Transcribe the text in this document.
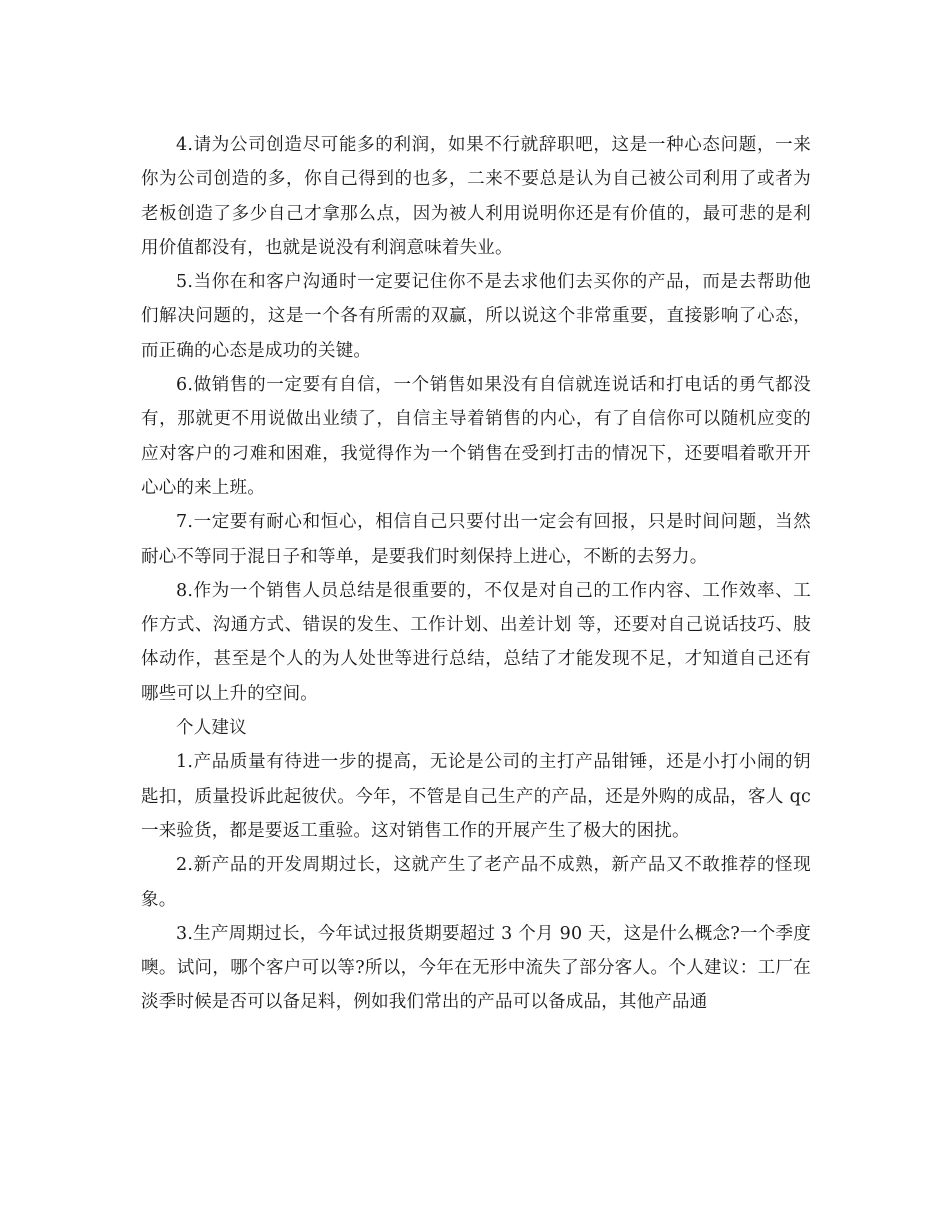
4.请为公司创造尽可能多的利润，如果不行就辞职吧，这是一种心态问题，一来你为公司创造的多，你自己得到的也多，二来不要总是认为自己被公司利用了或者为老板创造了多少自己才拿那么点，因为被人利用说明你还是有价值的，最可悲的是利用价值都没有，也就是说没有利润意味着失业。

5.当你在和客户沟通时一定要记住你不是去求他们去买你的产品，而是去帮助他们解决问题的，这是一个各有所需的双赢，所以说这个非常重要，直接影响了心态，而正确的心态是成功的关键。

6.做销售的一定要有自信，一个销售如果没有自信就连说话和打电话的勇气都没有，那就更不用说做出业绩了，自信主导着销售的内心，有了自信你可以随机应变的应对客户的刁难和困难，我觉得作为一个销售在受到打击的情况下，还要唱着歌开开心心的来上班。

7.一定要有耐心和恒心，相信自己只要付出一定会有回报，只是时间问题，当然耐心不等同于混日子和等单，是要我们时刻保持上进心，不断的去努力。

8.作为一个销售人员总结是很重要的，不仅是对自己的工作内容、工作效率、工作方式、沟通方式、错误的发生、工作计划、出差计划 等，还要对自己说话技巧、肢体动作，甚至是个人的为人处世等进行总结，总结了才能发现不足，才知道自己还有哪些可以上升的空间。

个人建议

1.产品质量有待进一步的提高，无论是公司的主打产品钳锤，还是小打小闹的钥匙扣，质量投诉此起彼伏。今年，不管是自己生产的产品，还是外购的成品，客人 qc 一来验货，都是要返工重验。这对销售工作的开展产生了极大的困扰。

2.新产品的开发周期过长，这就产生了老产品不成熟，新产品又不敢推荐的怪现象。

3.生产周期过长，今年试过报货期要超过 3 个月 90 天，这是什么概念?一个季度噢。试问，哪个客户可以等?所以，今年在无形中流失了部分客人。个人建议：工厂在淡季时候是否可以备足料，例如我们常出的产品可以备成品，其他产品通
